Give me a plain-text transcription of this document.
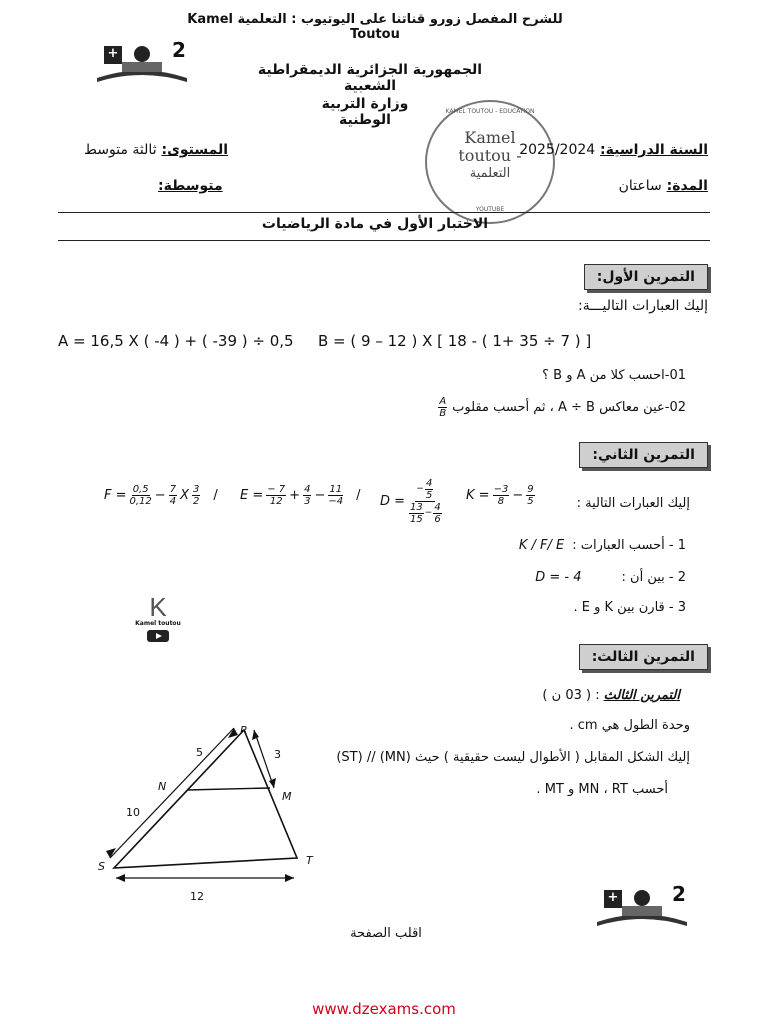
للشرح المفصل زورو قناتنا على اليوتيوب : التعلمية Kamel Toutou
+	2
الجمهورية الجزائرية الديمقراطية الشعبية
وزارة التربية الوطنية
KAMEL TOUTOU - EDUCATION
Kamel
toutou -
التعلمية
YOUTUBE
السنة الدراسية: 2025/2024
المستوى: ثالثة متوسط
المدة: ساعتان
متوسطة:
الاختبار الأول في مادة الرياضيات
التمرين الأول:
إليك العبارات التاليـــة:
A = 16,5 X ( -4 ) + ( -39 ) ÷ 0,5 B = ( 9 – 12 ) X [ 18 - ( 1+ 35 ÷ 7 ) ]
01-احسب كلا من A و B ؟
02-عين معاكس A ÷ B ، ثم أحسب مقلوب
$\frac{A}{B}$
التمرين الثاني:
إليك العبارات التالية :
$F = \frac{0,5}{0,12} - \frac{7}{4}$ X $\frac{3}{2} / E = \frac{- 7}{12} + \frac{4}{3} - \frac{11}{-4} / D = \frac{- \frac{4}{5}}{\frac{13}{15} - \frac{4}{6}}$ $K = \frac{-3}{8} - \frac{9}{5}$
1 - أحسب العبارات :
K / F/ E
2 - بين أن :
D = - 4
3 - قارن بين K و E .
K
Kamel toutou
التمرين الثالث:
التمرين الثالث
: ( 03 ن )
وحدة الطول هي cm .
إليك الشكل المقابل ( الأطوال ليست حقيقية ) حيث (MN) // (ST)
أحسب MN ، RT و MT .
R
N
M
S	T
5	3
10
12	+	2
اقلب الصفحة
www.dzexams.com
